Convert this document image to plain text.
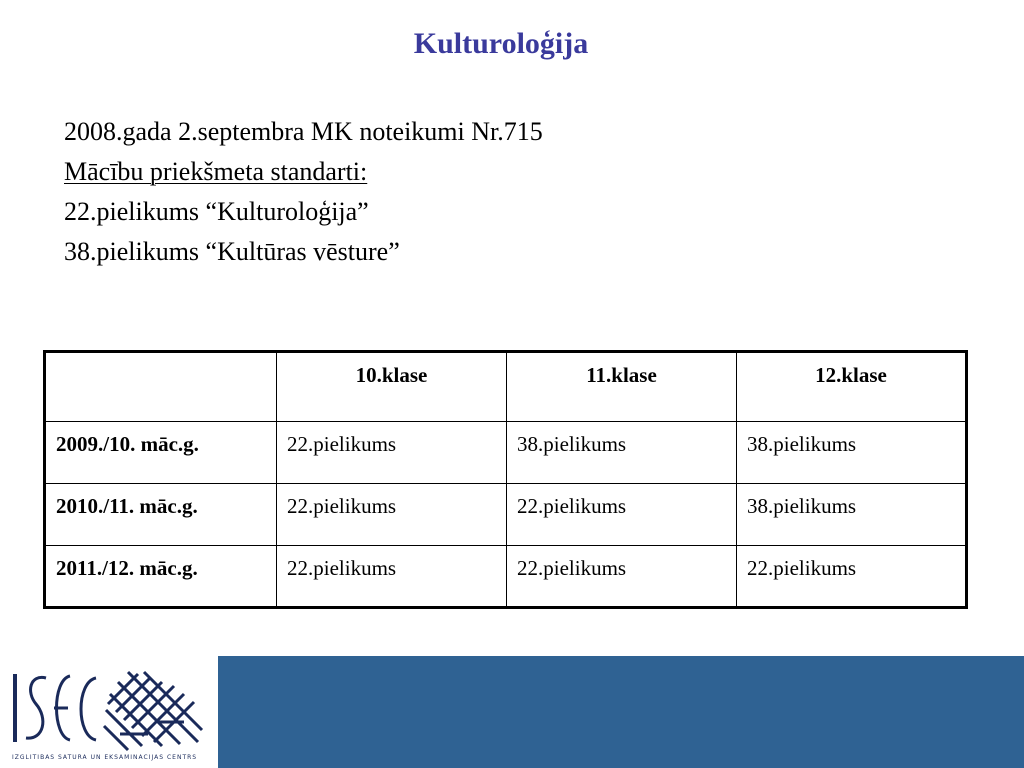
Kulturoloģija
2008.gada 2.septembra MK noteikumi Nr.715
Mācību priekšmeta standarti:
22.pielikums “Kulturoloģija”
38.pielikums “Kultūras vēsture”
	10.klase	11.klase	12.klase
2009./10. māc.g.	22.pielikums	38.pielikums	38.pielikums
2010./11. māc.g.	22.pielikums	22.pielikums	38.pielikums
2011./12. māc.g.	22.pielikums	22.pielikums	22.pielikums
IZGLĪTĪBAS SATURA UN EKSAMINĀCIJAS CENTRS
